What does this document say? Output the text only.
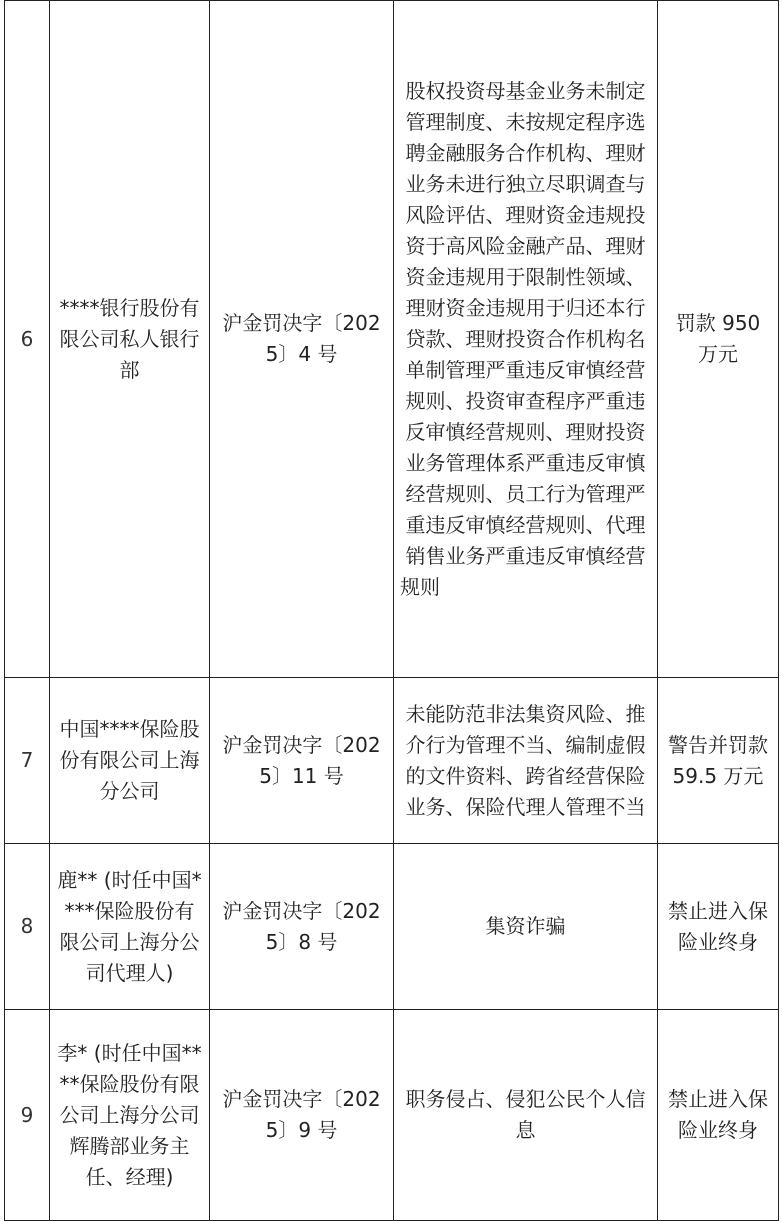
6	****银行股份有限公司私人银行部	沪金罚决字〔2025〕4 号	股权投资母基金业务未制定管理制度、未按规定程序选聘金融服务合作机构、理财业务未进行独立尽职调查与风险评估、理财资金违规投资于高风险金融产品、理财资金违规用于限制性领域、理财资金违规用于归还本行贷款、理财投资合作机构名单制管理严重违反审慎经营规则、投资审查程序严重违反审慎经营规则、理财投资业务管理体系严重违反审慎经营规则、员工行为管理严重违反审慎经营规则、代理销售业务严重违反审慎经营规则	罚款 950 万元
7	中国****保险股份有限公司上海分公司	沪金罚决字〔2025〕11 号	未能防范非法集资风险、推介行为管理不当、编制虚假的文件资料、跨省经营保险业务、保险代理人管理不当	警告并罚款 59.5 万元
8	鹿** (时任中国****保险股份有限公司上海分公司代理人)	沪金罚决字〔2025〕8 号	集资诈骗	禁止进入保险业终身
9	李* (时任中国****保险股份有限公司上海分公司辉腾部业务主任、经理)	沪金罚决字〔2025〕9 号	职务侵占、侵犯公民个人信息	禁止进入保险业终身
